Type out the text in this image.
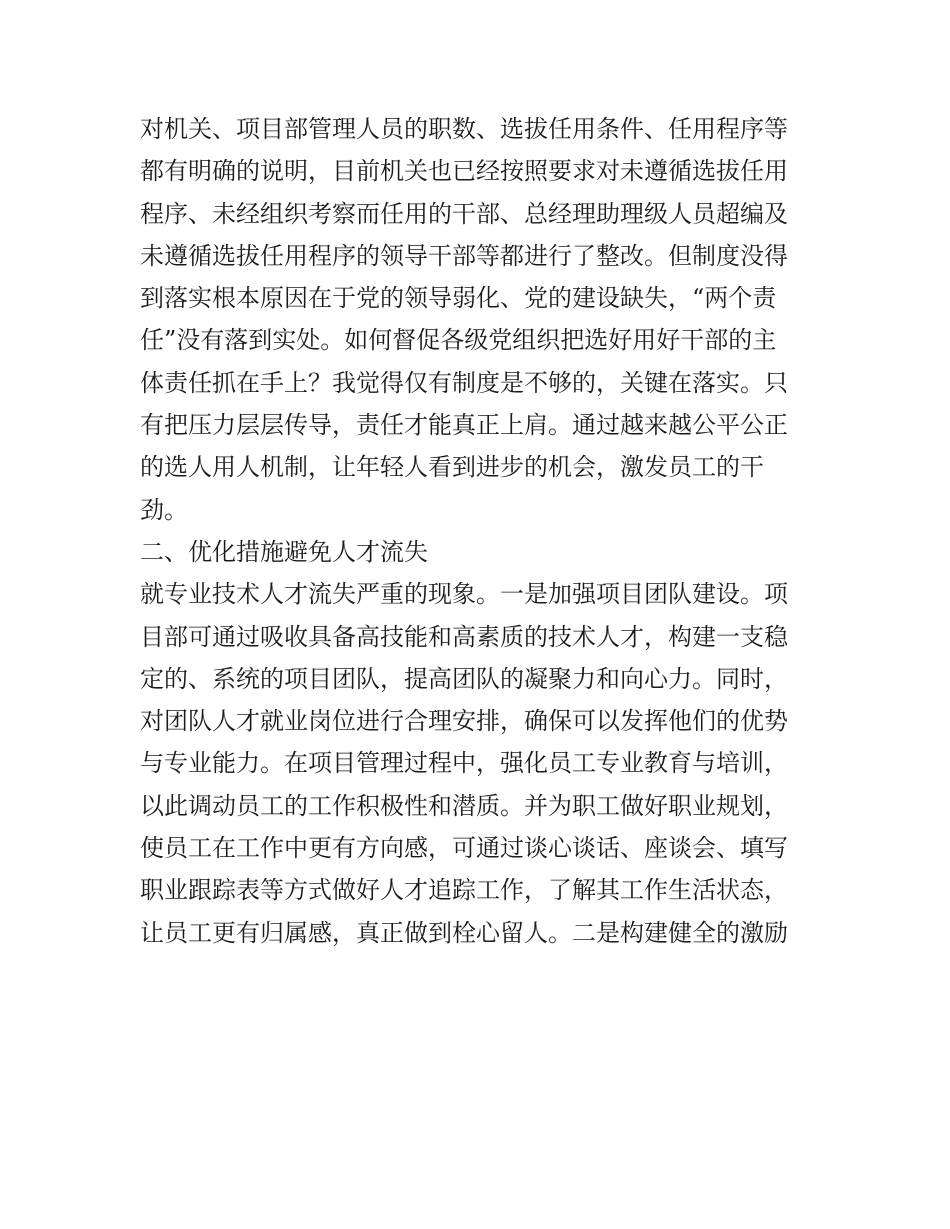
对机关、项目部管理人员的职数、选拔任用条件、任用程序等
都有明确的说明，目前机关也已经按照要求对未遵循选拔任用
程序、未经组织考察而任用的干部、总经理助理级人员超编及
未遵循选拔任用程序的领导干部等都进行了整改。但制度没得
到落实根本原因在于党的领导弱化、党的建设缺失，“两个责
任”没有落到实处。如何督促各级党组织把选好用好干部的主
体责任抓在手上？我觉得仅有制度是不够的，关键在落实。只
有把压力层层传导，责任才能真正上肩。通过越来越公平公正
的选人用人机制，让年轻人看到进步的机会，激发员工的干
劲。
二、优化措施避免人才流失
就专业技术人才流失严重的现象。一是加强项目团队建设。项
目部可通过吸收具备高技能和高素质的技术人才，构建一支稳
定的、系统的项目团队，提高团队的凝聚力和向心力。同时，
对团队人才就业岗位进行合理安排，确保可以发挥他们的优势
与专业能力。在项目管理过程中，强化员工专业教育与培训，
以此调动员工的工作积极性和潜质。并为职工做好职业规划，
使员工在工作中更有方向感，可通过谈心谈话、座谈会、填写
职业跟踪表等方式做好人才追踪工作，了解其工作生活状态，
让员工更有归属感，真正做到栓心留人。二是构建健全的激励
